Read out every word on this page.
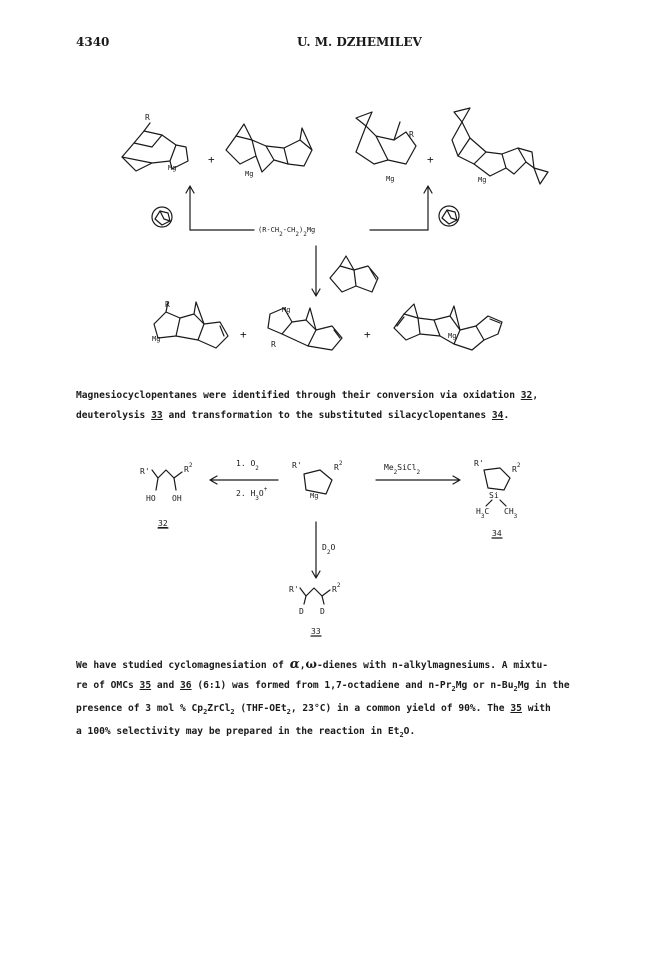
4340	U. M. DZHEMILEV
R
Mg
+
Mg
R
Mg
+
Mg
(R-CH2-CH2)2Mg
R
Mg	+
Mg
R
+	Mg
Magnesiocyclopentanes were identified through their conversion via oxidation 32,
deuterolysis 33 and transformation to the substituted silacyclopentanes 34.
R'	$R^2$
HO OH
32
1. $O_2$
2. $H_3O^+$
R'	$R^2$
Mg
$Me_2SiCl_2$
R'
$R^2$
Si
$H_3C$ $CH_3$
34
$D_2O$
R'	$R^2$
D D
33
We have studied cyclomagnesiation of α,ω-dienes with n-alkylmagnesiums. A mixtu-
re of OMCs 35 and 36 (6:1) was formed from 1,7-octadiene and $n-Pr_2Mg$ or $n-Bu_2Mg$ in the
presence of 3 mol % $Cp_2ZrCl_2$ (THF-OEt$_2$, 23°C) in a common yield of 90%. The 35 with
a 100% selectivity may be prepared in the reaction in $Et_2O$.
